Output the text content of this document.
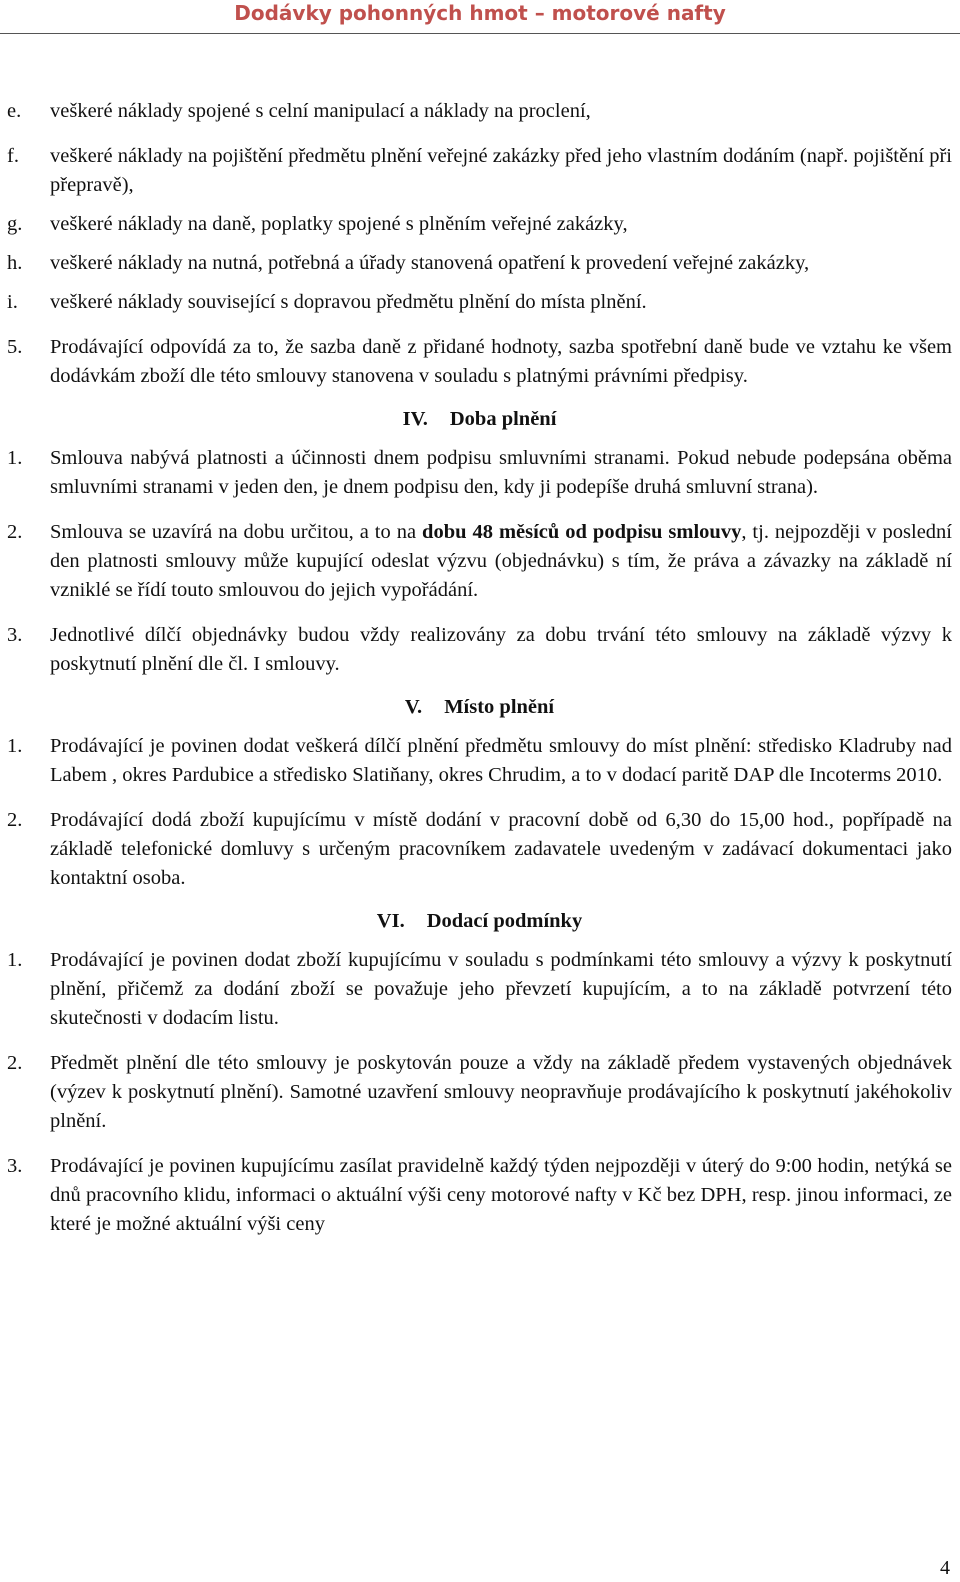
Dodávky pohonných hmot – motorové nafty
e. veškeré náklady spojené s celní manipulací a náklady na proclení,
f. veškeré náklady na pojištění předmětu plnění veřejné zakázky před jeho vlastním dodáním (např. pojištění při přepravě),
g. veškeré náklady na daně, poplatky spojené s plněním veřejné zakázky,
h. veškeré náklady na nutná, potřebná a úřady stanovená opatření k provedení veřejné zakázky,
i. veškeré náklady související s dopravou předmětu plnění do místa plnění.
5. Prodávající odpovídá za to, že sazba daně z přidané hodnoty, sazba spotřební daně bude ve vztahu ke všem dodávkám zboží dle této smlouvy stanovena v souladu s platnými právními předpisy.
IV. Doba plnění
1. Smlouva nabývá platnosti a účinnosti dnem podpisu smluvními stranami. Pokud nebude podepsána oběma smluvními stranami v jeden den, je dnem podpisu den, kdy ji podepíše druhá smluvní strana).
2. Smlouva se uzavírá na dobu určitou, a to na dobu 48 měsíců od podpisu smlouvy, tj. nejpozději v poslední den platnosti smlouvy může kupující odeslat výzvu (objednávku) s tím, že práva a závazky na základě ní vzniklé se řídí touto smlouvou do jejich vypořádání.
3. Jednotlivé dílčí objednávky budou vždy realizovány za dobu trvání této smlouvy na základě výzvy k poskytnutí plnění dle čl. I smlouvy.
V. Místo plnění
1. Prodávající je povinen dodat veškerá dílčí plnění předmětu smlouvy do míst plnění: středisko Kladruby nad Labem , okres Pardubice a středisko Slatiňany, okres Chrudim, a to v dodací paritě DAP dle Incoterms 2010.
2. Prodávající dodá zboží kupujícímu v místě dodání v pracovní době od 6,30 do 15,00 hod., popřípadě na základě telefonické domluvy s určeným pracovníkem zadavatele uvedeným v zadávací dokumentaci jako kontaktní osoba.
VI. Dodací podmínky
1. Prodávající je povinen dodat zboží kupujícímu v souladu s podmínkami této smlouvy a výzvy k poskytnutí plnění, přičemž za dodání zboží se považuje jeho převzetí kupujícím, a to na základě potvrzení této skutečnosti v dodacím listu.
2. Předmět plnění dle této smlouvy je poskytován pouze a vždy na základě předem vystavených objednávek (výzev k poskytnutí plnění). Samotné uzavření smlouvy neopravňuje prodávajícího k poskytnutí jakéhokoliv plnění.
3. Prodávající je povinen kupujícímu zasílat pravidelně každý týden nejpozději v úterý do 9:00 hodin, netýká se dnů pracovního klidu, informaci o aktuální výši ceny motorové nafty v Kč bez DPH, resp. jinou informaci, ze které je možné aktuální výši ceny
4
